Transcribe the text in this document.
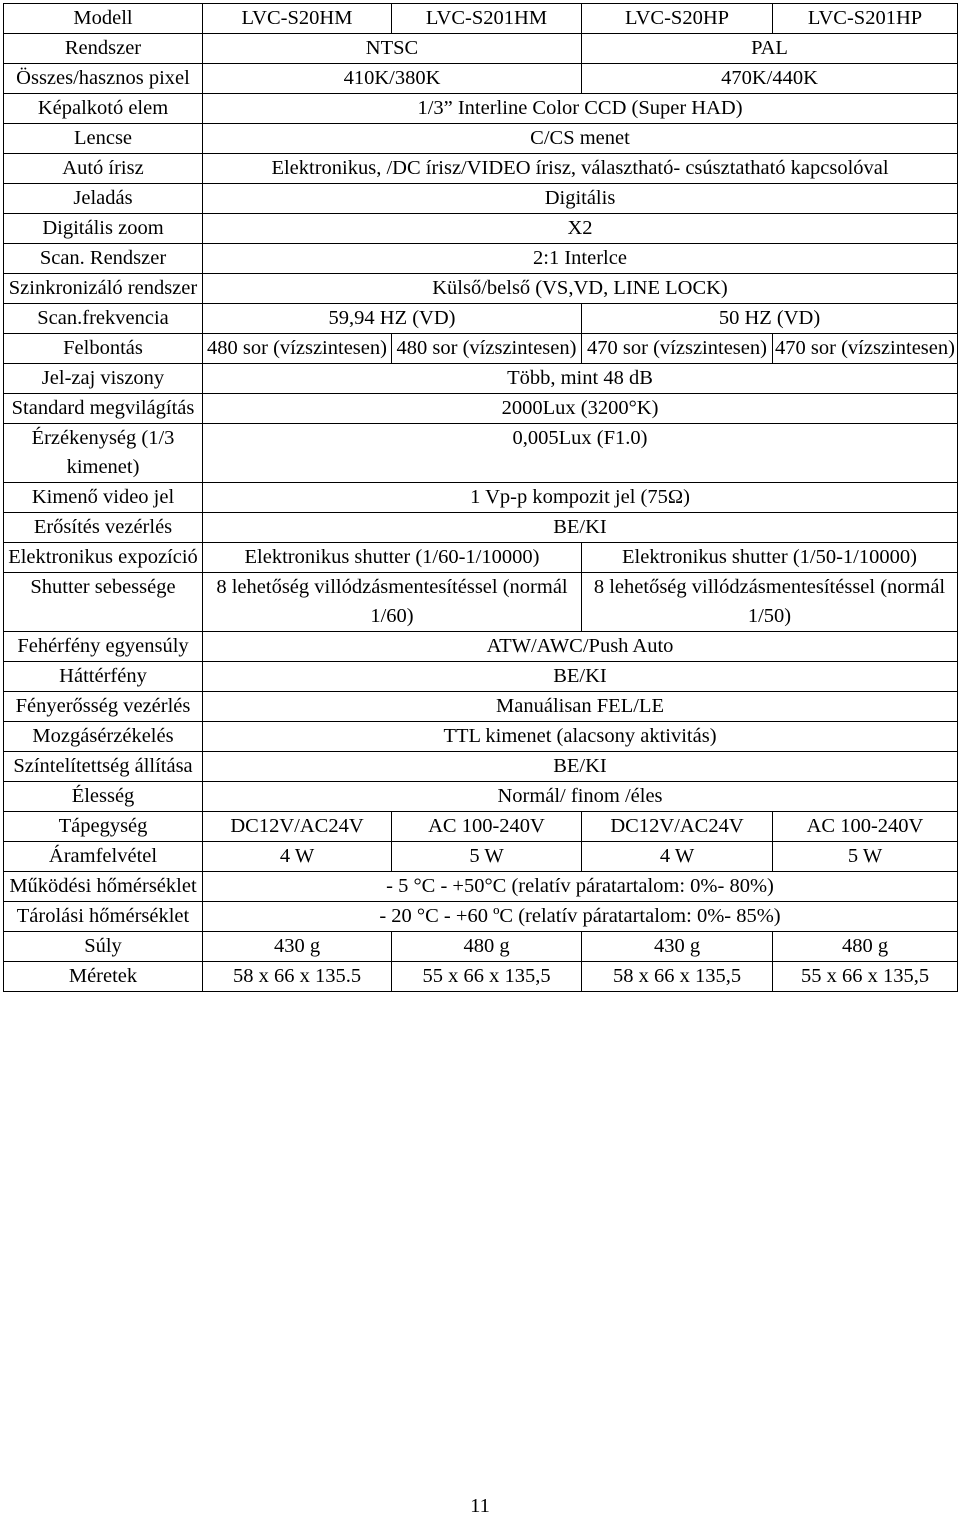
Modell	LVC-S20HM	LVC-S201HM	LVC-S20HP	LVC-S201HP
Rendszer	NTSC		PAL	
Összes/hasznos pixel	410K/380K		470K/440K	
Képalkotó elem	1/3” Interline Color CCD (Super HAD)			
Lencse	C/CS menet			
Autó írisz	Elektronikus, /DC írisz/VIDEO írisz, választható- csúsztatható kapcsolóval			
Jeladás	Digitális			
Digitális zoom	X2			
Scan. Rendszer	2:1 Interlce			
Szinkronizáló rendszer	Külső/belső (VS,VD, LINE LOCK)			
Scan.frekvencia	59,94 HZ (VD)		50 HZ (VD)	
Felbontás	480 sor (vízszintesen)	480 sor (vízszintesen)	470 sor (vízszintesen)	470 sor (vízszintesen)
Jel-zaj viszony	Több, mint 48 dB			
Standard megvilágítás	2000Lux (3200°K)			
Érzékenység (1/3 kimenet)	0,005Lux (F1.0)			
Kimenő video jel	1 Vp-p kompozit jel (75Ω)			
Erősítés vezérlés	BE/KI			
Elektronikus expozíció	Elektronikus shutter (1/60-1/10000)		Elektronikus shutter (1/50-1/10000)	
Shutter sebessége	8 lehetőség villódzásmentesítéssel (normál 1/60)		8 lehetőség villódzásmentesítéssel (normál 1/50)	
Fehérfény egyensúly	ATW/AWC/Push Auto			
Háttérfény	BE/KI			
Fényerősség vezérlés	Manuálisan FEL/LE			
Mozgásérzékelés	TTL kimenet (alacsony aktivitás)			
Színtelítettség állítása	BE/KI			
Élesség	Normál/ finom /éles			
Tápegység	DC12V/AC24V	AC 100-240V	DC12V/AC24V	AC 100-240V
Áramfelvétel	4 W	5 W	4 W	5 W
Működési hőmérséklet	- 5 °C - +50°C (relatív páratartalom: 0%- 80%)			
Tárolási hőmérséklet	- 20 °C - +60 ºC (relatív páratartalom: 0%- 85%)			
Súly	430 g	480 g	430 g	480 g
Méretek	58 x 66 x 135.5	55 x 66 x 135,5	58 x 66 x 135,5	55 x 66 x 135,5
11
